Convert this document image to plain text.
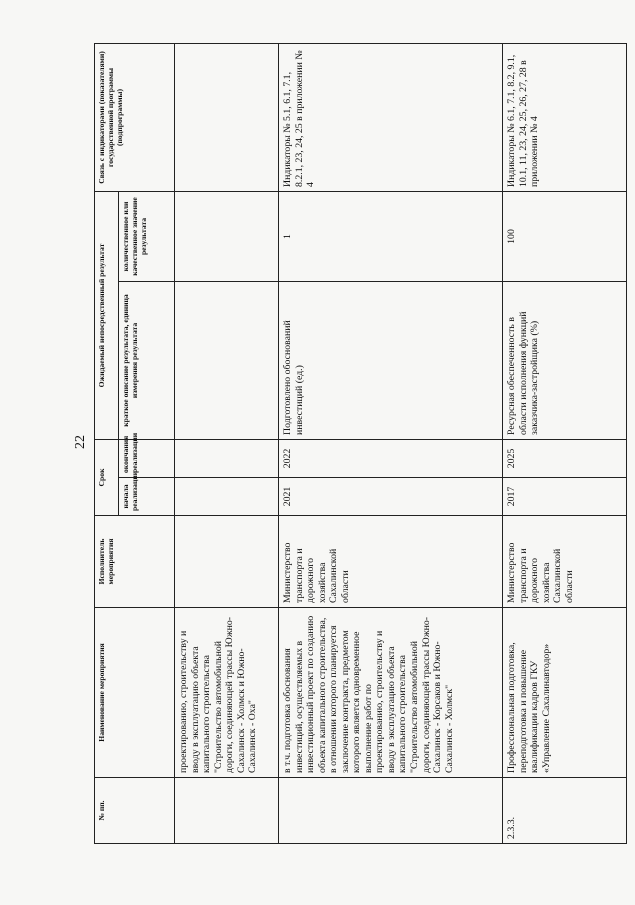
22
№ пп.	Наименование мероприятия	Исполнитель мероприятия	Срок		Ожидаемый непосредственный результат		Связь с индикаторами (показателями) государственной программы (подпрограммы)
			начала реализации	окончания реализации	краткое описание результата, единица измерения результата	количественное или качественное значение результата	
	проектированию, строительству и вводу в эксплуатацию объекта капитального строительства "Строительство автомобильной дороги, соединяющей трассы Южно-Сахалинск - Холмск и Южно-Сахалинск - Оха"						
	в т.ч. подготовка обоснования инвестиций, осуществляемых в инвестиционный проект по созданию объекта капитального строительства, в отношении которого планируется заключение контракта, предметом которого является одновременное выполнение работ по проектированию, строительству и вводу в эксплуатацию объекта капитального строительства "Строительство автомобильной дороги, соединяющей трассы Южно-Сахалинск - Корсаков и Южно-Сахалинск - Холмск"	Министерство транспорта и дорожного хозяйства Сахалинской области	2021	2022	Подготовлено обоснований инвестиций (ед.)	1	Индикаторы № 5.1, 6.1, 7.1, 8.2.1, 23, 24, 25 в приложении № 4
2.3.3.	Профессиональная подготовка, переподготовка и повышение квалификации кадров ГКУ «Управление Сахалинавтодор»	Министерство транспорта и дорожного хозяйства Сахалинской области	2017	2025	Ресурсная обеспеченность в области исполнения функций заказчика-застройщика (%)	100	Индикаторы № 6.1, 7.1, 8.2, 9.1, 10.1, 11, 23, 24, 25, 26, 27, 28 в приложении № 4
